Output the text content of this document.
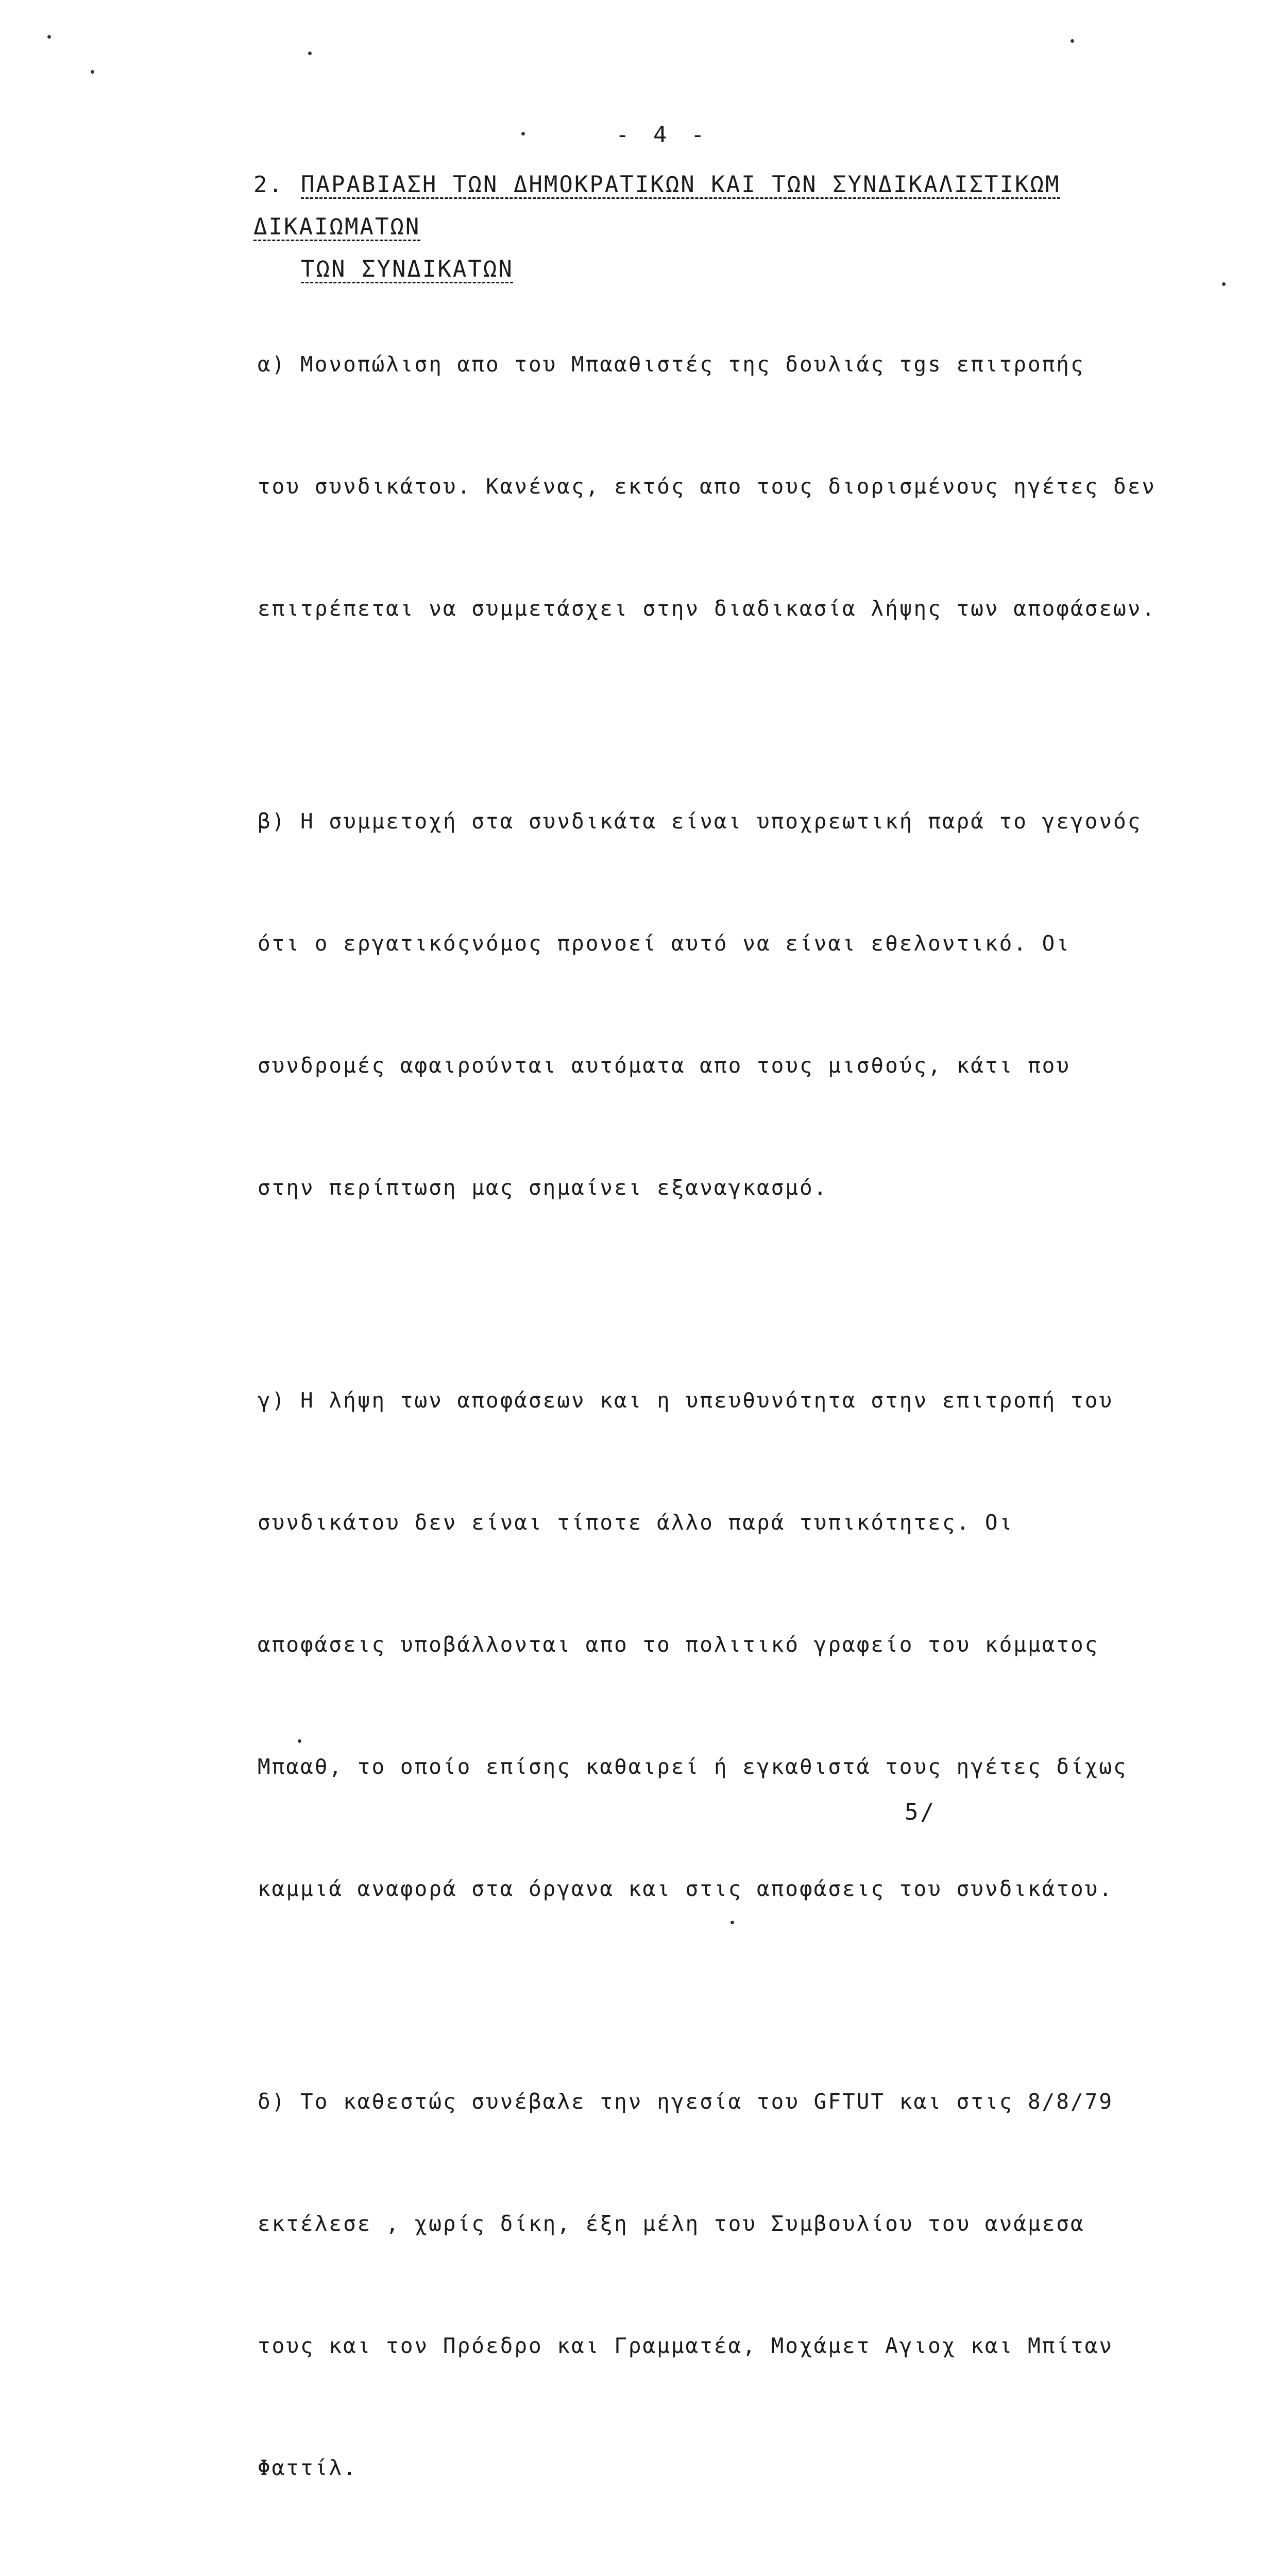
- 4 -
2. ΠΑΡΑΒΙΑΣΗ ΤΩΝ ΔΗΜΟΚΡΑΤΙΚΩΝ ΚΑΙ ΤΩΝ ΣΥΝΔΙΚΑΛΙΣΤΙΚΩΜ ΔΙΚΑΙΩΜΑΤΩΝ
ΤΩΝ ΣΥΝΔΙΚΑΤΩΝ

α) Μονοπώλιση απο του Μπααθιστές της δουλιάς τgs επιτροπής

του συνδικάτου. Κανένας, εκτός απο τους διορισμένους ηγέτες δεν

επιτρέπεται να συμμετάσχει στην διαδικασία λήψης των αποφάσεων.

β) Η συμμετοχή στα συνδικάτα είναι υποχρεωτική παρά το γεγονός

ότι ο εργατικόςνόμος προνοεί αυτό να είναι εθελοντικό. Οι

συνδρομές αφαιρούνται αυτόματα απο τους μισθούς, κάτι που

στην περίπτωση μας σημαίνει εξαναγκασμό.

γ) Η λήψη των αποφάσεων και η υπευθυνότητα στην επιτροπή του

συνδικάτου δεν είναι τίποτε άλλο παρά τυπικότητες. Οι

αποφάσεις υποβάλλονται απο το πολιτικό γραφείο του κόμματος

Μπααθ, το οποίο επίσης καθαιρεί ή εγκαθιστά τους ηγέτες δίχως

καμμιά αναφορά στα όργανα και στις αποφάσεις του συνδικάτου.

δ) Το καθεστώς συνέβαλε την ηγεσία του GFTUT και στις 8/8/79

εκτέλεσε , χωρίς δίκη, έξη μέλη του Συμβουλίου του ανάμεσα

τους και τον Πρόεδρο και Γραμματέα, Μοχάμετ Αγιοχ και Μπίταν

Φαττίλ.

5/
